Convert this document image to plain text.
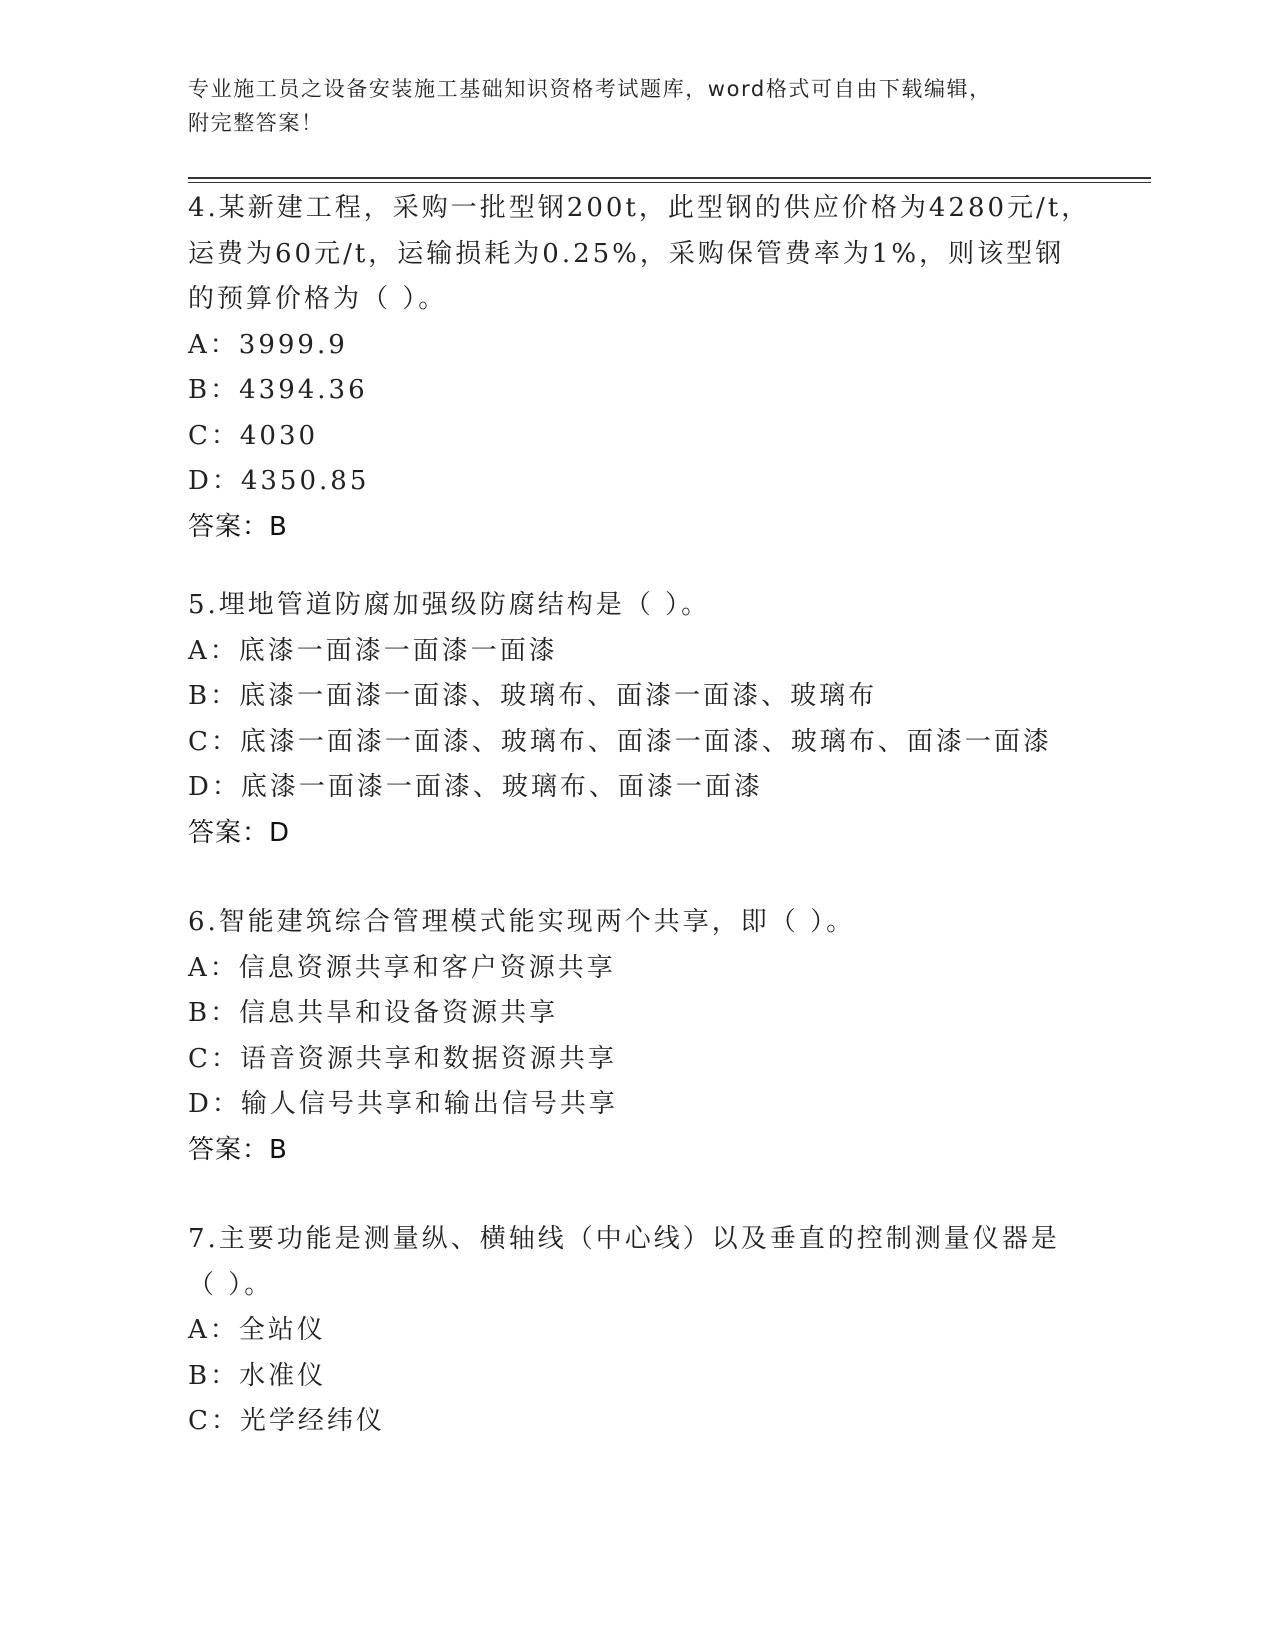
专业施工员之设备安装施工基础知识资格考试题库，word格式可自由下载编辑，
附完整答案！
4.某新建工程，采购一批型钢200t，此型钢的供应价格为4280元/t，
运费为60元/t，运输损耗为0.25%，采购保管费率为1%，则该型钢
的预算价格为（ ）。
A：3999.9
B：4394.36
C：4030
D：4350.85
答案：B
5.埋地管道防腐加强级防腐结构是（ ）。
A：底漆一面漆一面漆一面漆
B：底漆一面漆一面漆、玻璃布、面漆一面漆、玻璃布
C：底漆一面漆一面漆、玻璃布、面漆一面漆、玻璃布、面漆一面漆
D：底漆一面漆一面漆、玻璃布、面漆一面漆
答案：D
6.智能建筑综合管理模式能实现两个共享，即（ ）。
A：信息资源共享和客户资源共享
B：信息共旱和设备资源共享
C：语音资源共享和数据资源共享
D：输人信号共享和输出信号共享
答案：B
7.主要功能是测量纵、横轴线（中心线）以及垂直的控制测量仪器是
（ ）。
A：全站仪
B：水准仪
C：光学经纬仪
